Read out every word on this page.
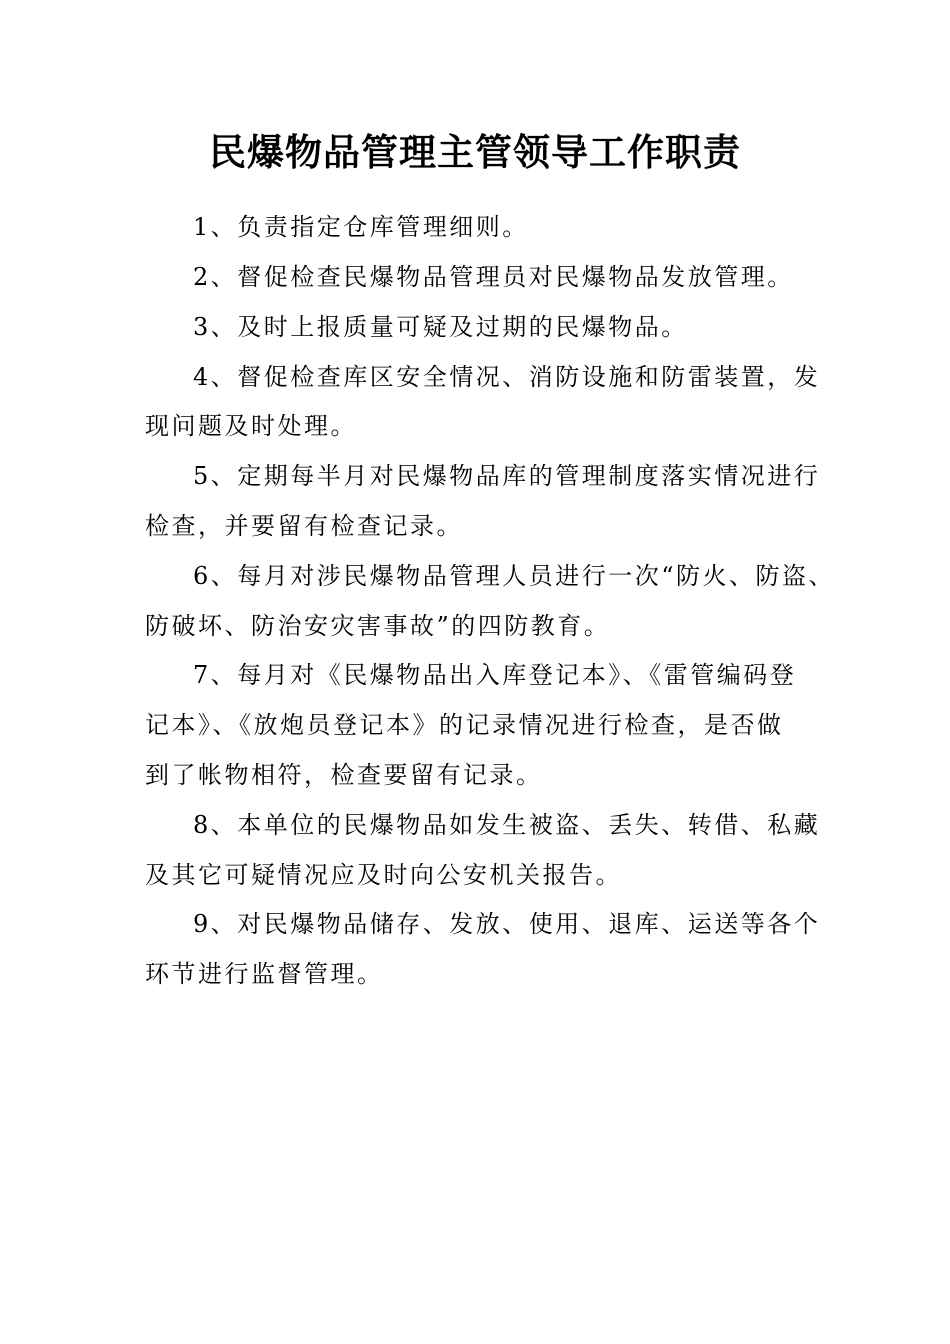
民爆物品管理主管领导工作职责
1、负责指定仓库管理细则。
2、督促检查民爆物品管理员对民爆物品发放管理。
3、及时上报质量可疑及过期的民爆物品。
4、督促检查库区安全情况、消防设施和防雷装置，发
现问题及时处理。
5、定期每半月对民爆物品库的管理制度落实情况进行
检查，并要留有检查记录。
6、每月对涉民爆物品管理人员进行一次“防火、防盗、
防破坏、防治安灾害事故”的四防教育。
7、每月对《民爆物品出入库登记本》、《雷管编码登
记本》、《放炮员登记本》的记录情况进行检查，是否做
到了帐物相符，检查要留有记录。
8、本单位的民爆物品如发生被盗、丢失、转借、私藏
及其它可疑情况应及时向公安机关报告。
9、对民爆物品储存、发放、使用、退库、运送等各个
环节进行监督管理。
